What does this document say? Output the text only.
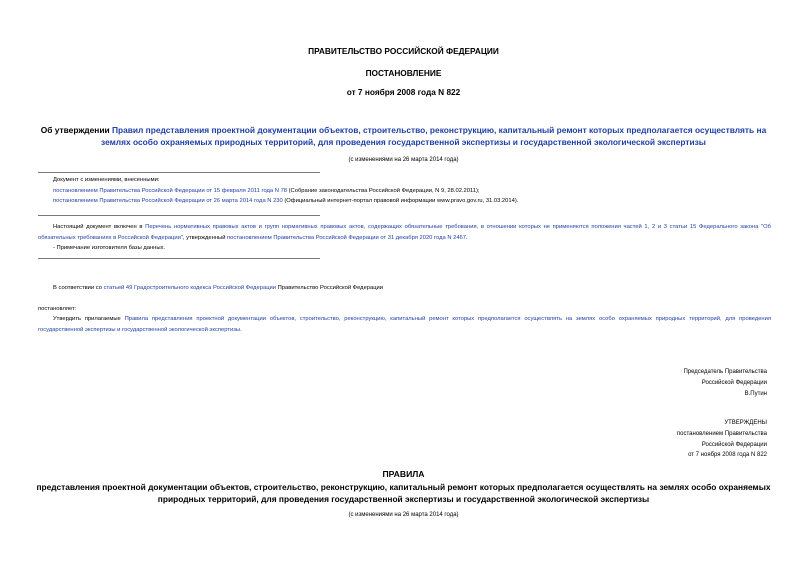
ПРАВИТЕЛЬСТВО РОССИЙСКОЙ ФЕДЕРАЦИИ
ПОСТАНОВЛЕНИЕ
от 7 ноября 2008 года N 822
Об утверждении Правил представления проектной документации объектов, строительство, реконструкцию, капитальный ремонт которых предполагается осуществлять на землях особо охраняемых природных территорий, для проведения государственной экспертизы и государственной экологической экспертизы
(с изменениями на 26 марта 2014 года)
Документ с изменениями, внесенными:
постановлением Правительства Российской Федерации от 15 февраля 2011 года N 78 (Собрание законодательства Российской Федерации, N 9, 28.02.2011);
постановлением Правительства Российской Федерации от 26 марта 2014 года N 230 (Официальный интернет-портал правовой информации www.pravo.gov.ru, 31.03.2014).
Настоящий документ включен в Перечень нормативных правовых актов и групп нормативных правовых актов, содержащих обязательные требования, в отношении которых не применяются положения частей 1, 2 и 3 статьи 15 Федерального закона "Об обязательных требованиях в Российской Федерации", утвержденный постановлением Правительства Российской Федерации от 31 декабря 2020 года N 2467.
- Примечание изготовителя базы данных.
В соответствии со статьей 49 Градостроительного кодекса Российской Федерации Правительство Российской Федерации
постановляет:
Утвердить прилагаемые Правила представления проектной документации объектов, строительство, реконструкцию, капитальный ремонт которых предполагается осуществлять на землях особо охраняемых природных территорий, для проведения государственной экспертизы и государственной экологической экспертизы.
Председатель Правительства
Российской Федерации
В.Путин
УТВЕРЖДЕНЫ
постановлением Правительства
Российской Федерации
от 7 ноября 2008 года N 822
ПРАВИЛА
представления проектной документации объектов, строительство, реконструкцию, капитальный ремонт которых предполагается осуществлять на землях особо охраняемых природных территорий, для проведения государственной экспертизы и государственной экологической экспертизы
(с изменениями на 26 марта 2014 года)
